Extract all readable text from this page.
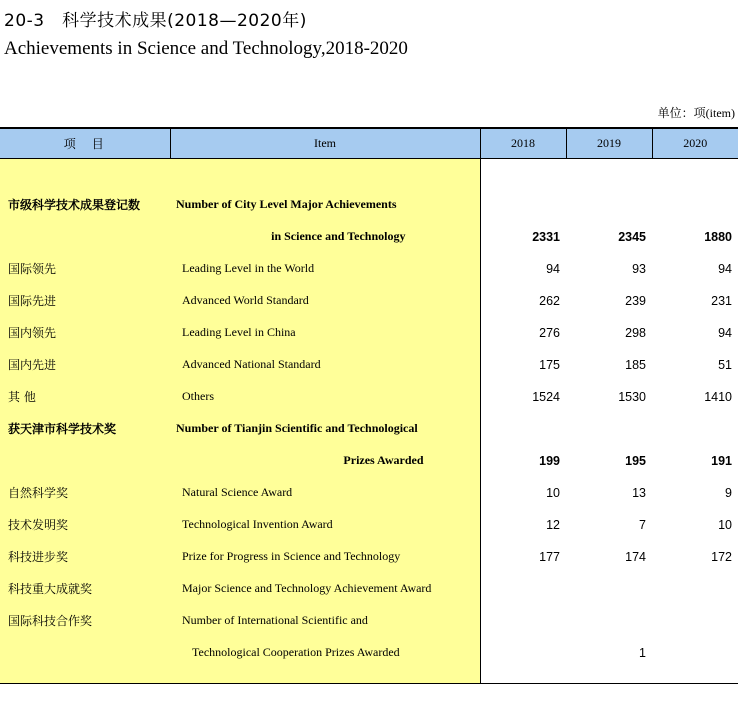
20-3　 科学技术成果(2018—2020年)
Achievements in Science and Technology,2018-2020
单位：项(item)
项　目	Item	2018	2019	2020

市级科学技术成果登记数	Number of City Level Major Achievements			
	in Science and Technology	2331	2345	1880
国际领先	Leading Level in the World	94	93	94
国际先进	Advanced World Standard	262	239	231
国内领先	Leading Level in China	276	298	94
国内先进	Advanced National Standard	175	185	51
其 他	Others	1524	1530	1410
获天津市科学技术奖	Number of Tianjin Scientific and Technological			
	Prizes Awarded	199	195	191
自然科学奖	Natural Science Award	10	13	9
技术发明奖	Technological Invention Award	12	7	10
科技进步奖	Prize for Progress in Science and Technology	177	174	172
科技重大成就奖	Major Science and Technology Achievement Award			
国际科技合作奖	Number of International Scientific and			
	Technological Cooperation Prizes Awarded		1	
